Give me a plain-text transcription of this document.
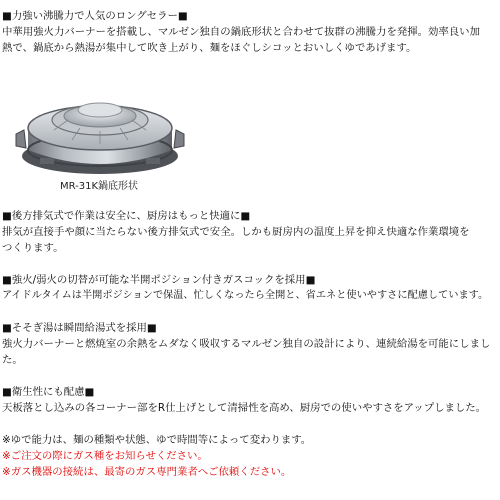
■力強い沸騰力で人気のロングセラー■
中華用強火力バーナーを搭載し、マルゼン独自の鍋底形状と合わせて抜群の沸騰力を発揮。効率良い加
熱で、鍋底から熱湯が集中して吹き上がり、麺をほぐしシコッとおいしくゆであげます。
MR-31K鍋底形状
■後方排気式で作業は安全に、厨房はもっと快適に■
排気が直接手や顔に当たらない後方排気式で安全。しかも厨房内の温度上昇を抑え快適な作業環境を
つくります。
■強火/弱火の切替が可能な半開ポジション付きガスコックを採用■
アイドルタイムは半開ポジションで保温、忙しくなったら全開と、省エネと使いやすさに配慮しています。
■そそぎ湯は瞬間給湯式を採用■
強火力バーナーと燃焼室の余熱をムダなく吸収するマルゼン独自の設計により、連続給湯を可能にしまし
た。
■衛生性にも配慮■
天板落とし込みの各コーナー部をR仕上げとして清掃性を高め、厨房での使いやすさをアップしました。
※ゆで能力は、麺の種類や状態、ゆで時間等によって変わります。
※ご注文の際にガス種をお知らせください。
※ガス機器の接続は、最寄のガス専門業者へご依頼ください。
